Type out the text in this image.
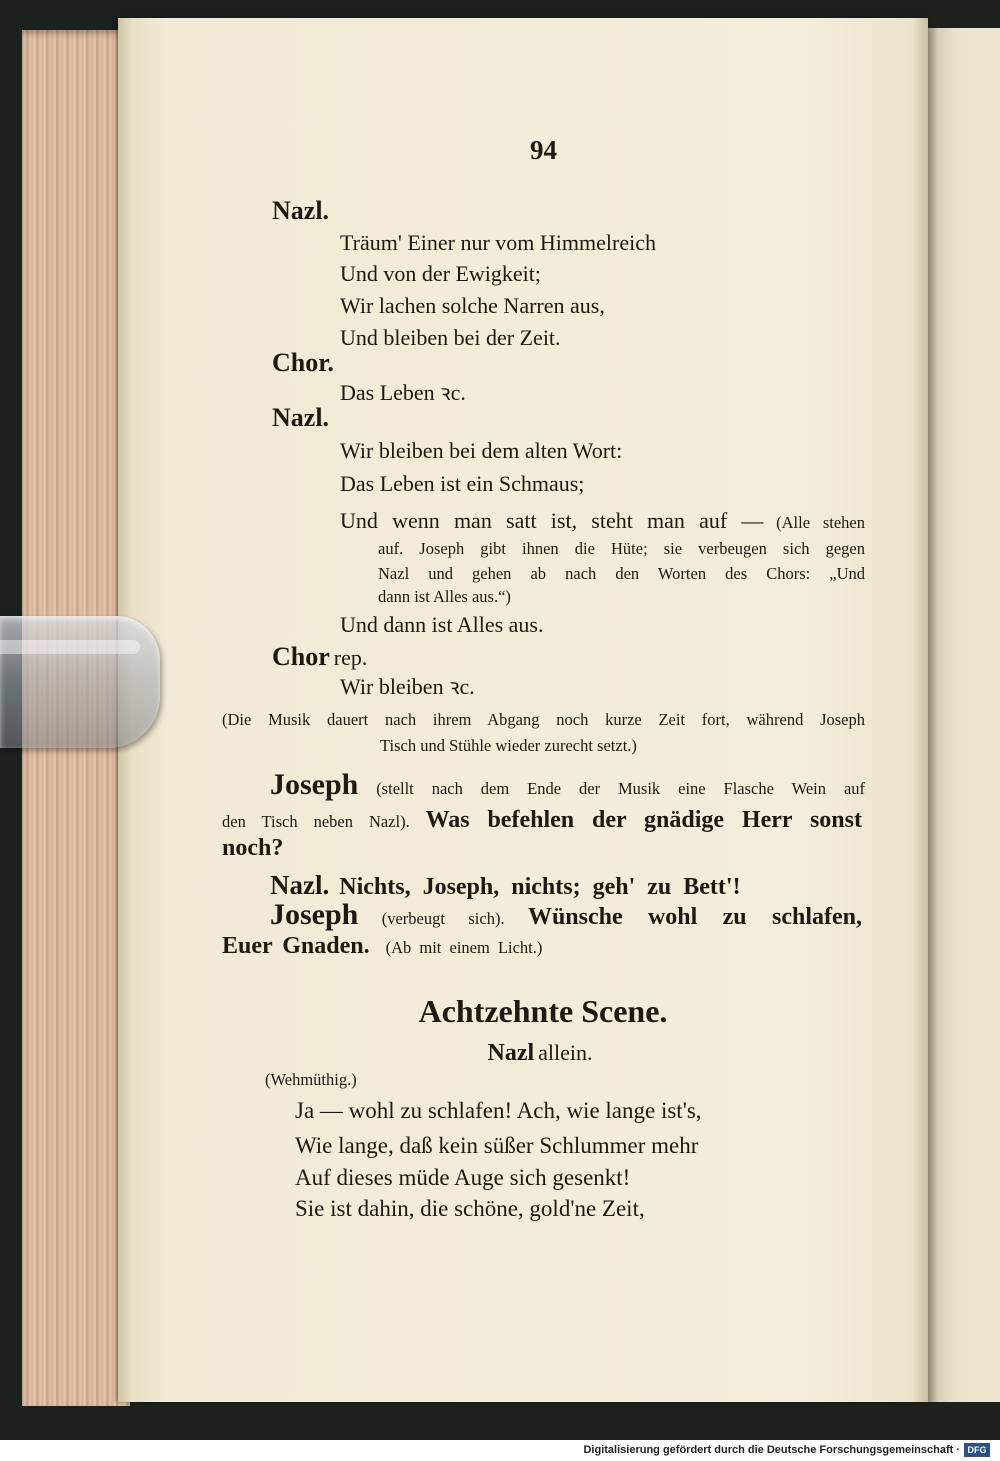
94
Nazl.
Träum' Einer nur vom Himmelreich
Und von der Ewigkeit;
Wir lachen solche Narren aus,
Und bleiben bei der Zeit.
Chor.
Das Leben ꝛc.
Nazl.
Wir bleiben bei dem alten Wort:
Das Leben ist ein Schmaus;
Und wenn man satt ist, steht man auf — (Alle stehen
auf. Joseph gibt ihnen die Hüte; sie verbeugen sich gegen
Nazl und gehen ab nach den Worten des Chors: „Und
dann ist Alles aus.“)
Und dann ist Alles aus.
Chor rep.
Wir bleiben ꝛc.
(Die Musik dauert nach ihrem Abgang noch kurze Zeit fort, während Joseph
Tisch und Stühle wieder zurecht setzt.)
Joseph (stellt nach dem Ende der Musik eine Flasche Wein auf
den Tisch neben Nazl). Was befehlen der gnädige Herr sonst
noch?
Nazl. Nichts, Joseph, nichts; geh' zu Bett'!
Joseph (verbeugt sich). Wünsche wohl zu schlafen,
Euer Gnaden. (Ab mit einem Licht.)
Achtzehnte Scene.
Nazl allein.
(Wehmüthig.)
Ja — wohl zu schlafen! Ach, wie lange ist's,
Wie lange, daß kein süßer Schlummer mehr
Auf dieses müde Auge sich gesenkt!
Sie ist dahin, die schöne, gold'ne Zeit,
Digitalisierung gefördert durch die Deutsche Forschungsgemeinschaft · DFG
